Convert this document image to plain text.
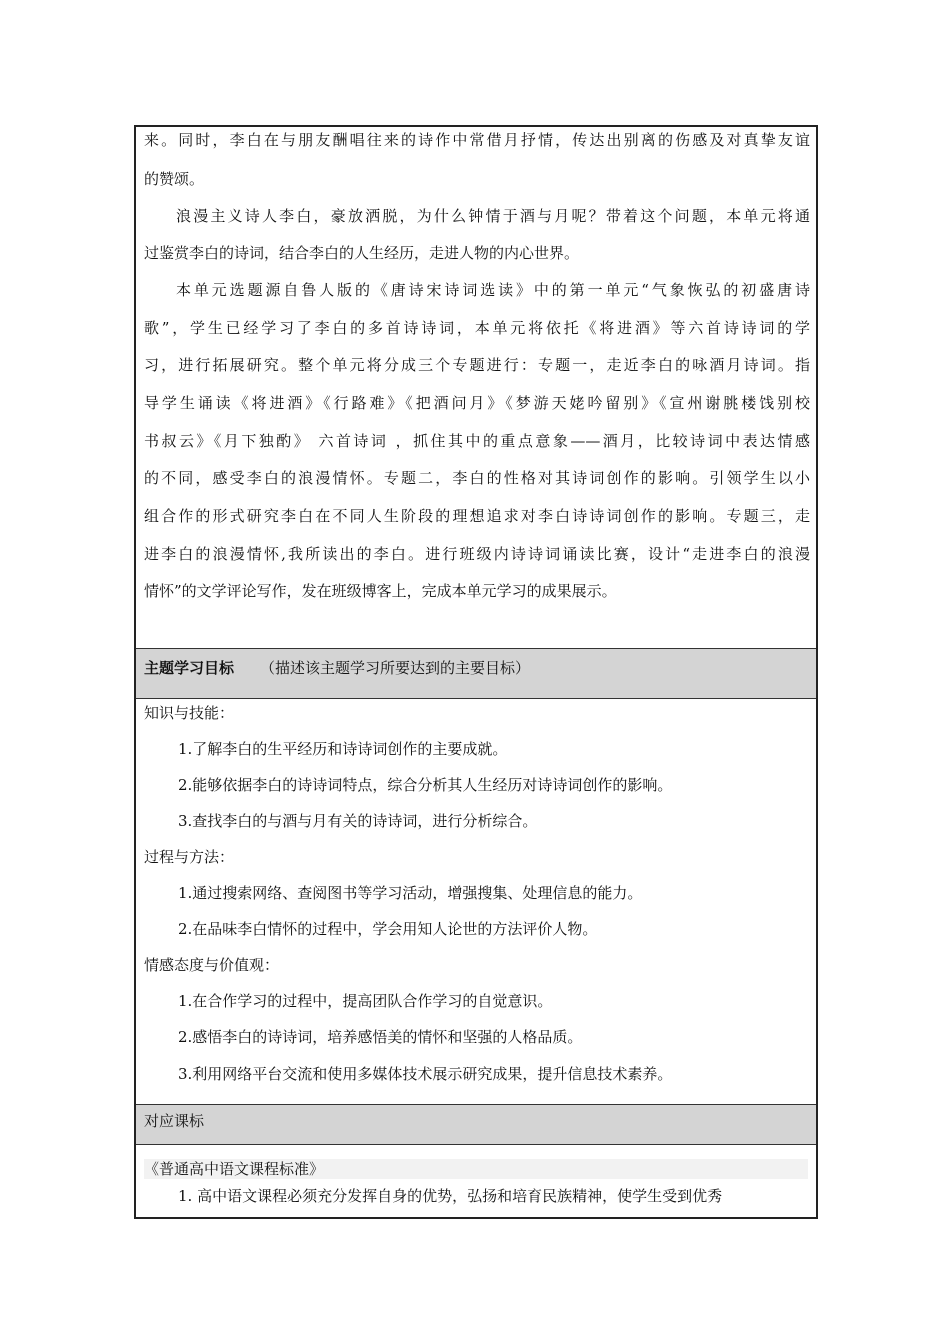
来。同时，李白在与朋友酬唱往来的诗作中常借月抒情，传达出别离的伤感及对真挚友谊
的赞颂。
浪漫主义诗人李白，豪放洒脱，为什么钟情于酒与月呢？带着这个问题，本单元将通
过鉴赏李白的诗词，结合李白的人生经历，走进人物的内心世界。
本单元选题源自鲁人版的《唐诗宋诗词选读》中的第一单元“气象恢弘的初盛唐诗
歌”，学生已经学习了李白的多首诗诗词，本单元将依托《将进酒》等六首诗诗词的学
习，进行拓展研究。整个单元将分成三个专题进行：专题一，走近李白的咏酒月诗词。指
导学生诵读《将进酒》《行路难》《把酒问月》《梦游天姥吟留别》《宣州谢朓楼饯别校
书叔云》《月下独酌》 六首诗词 ，抓住其中的重点意象——酒月，比较诗词中表达情感
的不同，感受李白的浪漫情怀。专题二，李白的性格对其诗词创作的影响。引领学生以小
组合作的形式研究李白在不同人生阶段的理想追求对李白诗诗词创作的影响。专题三，走
进李白的浪漫情怀,我所读出的李白。进行班级内诗诗词诵读比赛，设计“走进李白的浪漫
情怀”的文学评论写作，发在班级博客上，完成本单元学习的成果展示。
主题学习目标 （描述该主题学习所要达到的主要目标）
知识与技能：
1.了解李白的生平经历和诗诗词创作的主要成就。
2.能够依据李白的诗诗词特点，综合分析其人生经历对诗诗词创作的影响。
3.查找李白的与酒与月有关的诗诗词，进行分析综合。
过程与方法：
1.通过搜索网络、查阅图书等学习活动，增强搜集、处理信息的能力。
2.在品味李白情怀的过程中，学会用知人论世的方法评价人物。
情感态度与价值观：
1.在合作学习的过程中，提高团队合作学习的自觉意识。
2.感悟李白的诗诗词，培养感悟美的情怀和坚强的人格品质。
3.利用网络平台交流和使用多媒体技术展示研究成果，提升信息技术素养。
对应课标
《普通高中语文课程标准》
1. 高中语文课程必须充分发挥自身的优势，弘扬和培育民族精神，使学生受到优秀
